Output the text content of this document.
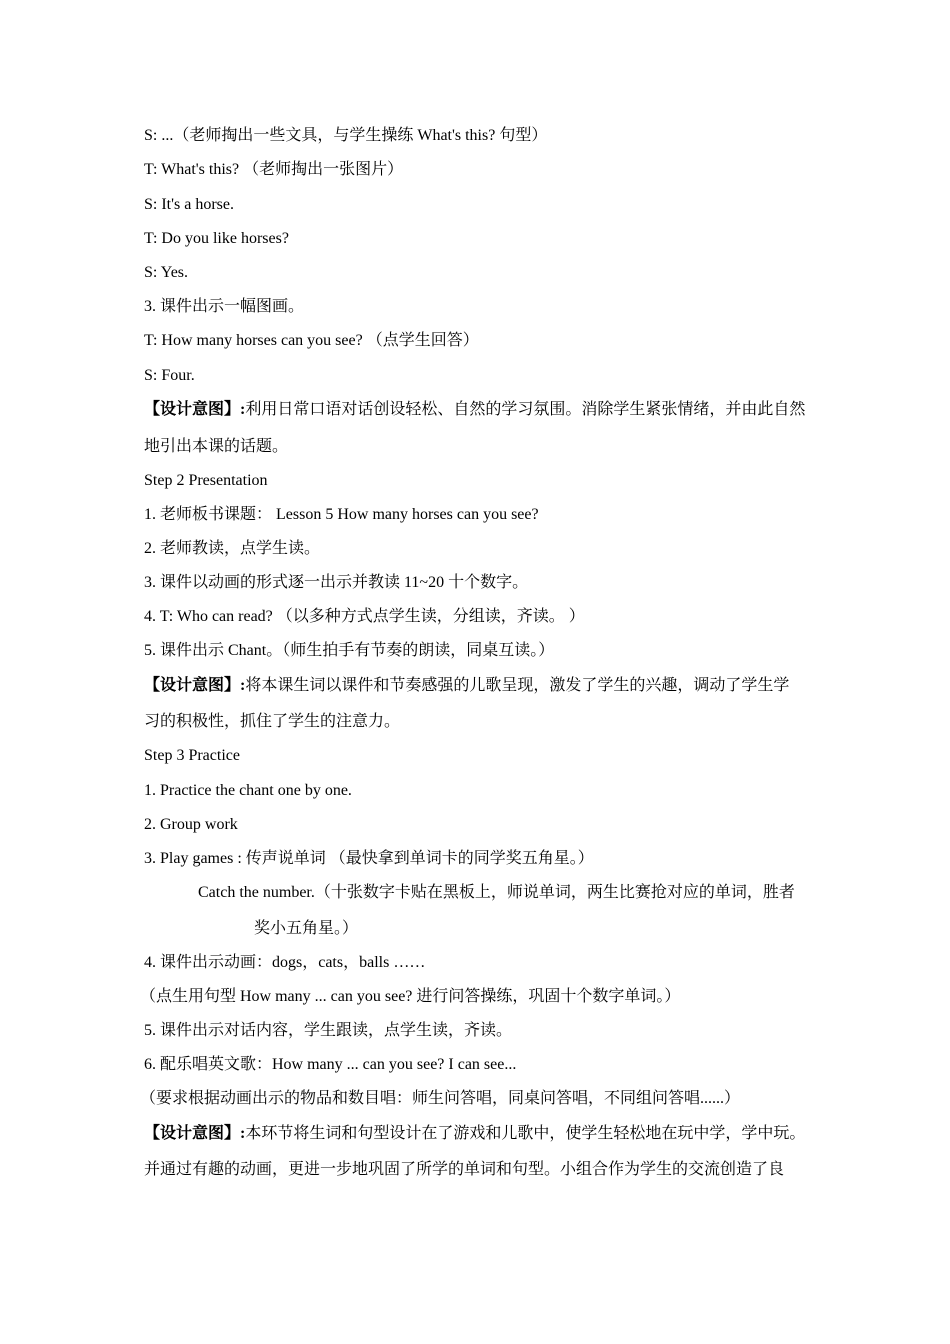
S: ...（老师掏出一些文具，与学生操练 What's this? 句型）
T: What's this? （老师掏出一张图片）
S: It's a horse.
T: Do you like horses?
S: Yes.
3. 课件出示一幅图画。
T: How many horses can you see? （点学生回答）
S: Four.
【设计意图】:利用日常口语对话创设轻松、自然的学习氛围。消除学生紧张情绪，并由此自然
地引出本课的话题。
Step 2 Presentation
1. 老师板书课题： Lesson 5 How many horses can you see?
2. 老师教读，点学生读。
3. 课件以动画的形式逐一出示并教读 11~20 十个数字。
4. T: Who can read? （以多种方式点学生读，分组读，齐读。 ）
5. 课件出示 Chant。（师生拍手有节奏的朗读，同桌互读。）
【设计意图】:将本课生词以课件和节奏感强的儿歌呈现，激发了学生的兴趣，调动了学生学
习的积极性，抓住了学生的注意力。
Step 3 Practice
1. Practice the chant one by one.
2. Group work
3. Play games : 传声说单词 （最快拿到单词卡的同学奖五角星。）
Catch the number.（十张数字卡贴在黑板上，师说单词，两生比赛抢对应的单词，胜者
奖小五角星。）
4. 课件出示动画：dogs，cats，balls ……
（点生用句型 How many ... can you see? 进行问答操练，巩固十个数字单词。）
5. 课件出示对话内容，学生跟读，点学生读，齐读。
6. 配乐唱英文歌：How many ... can you see? I can see...
（要求根据动画出示的物品和数目唱：师生问答唱，同桌问答唱，不同组问答唱......）
【设计意图】:本环节将生词和句型设计在了游戏和儿歌中，使学生轻松地在玩中学，学中玩。
并通过有趣的动画，更进一步地巩固了所学的单词和句型。小组合作为学生的交流创造了良
